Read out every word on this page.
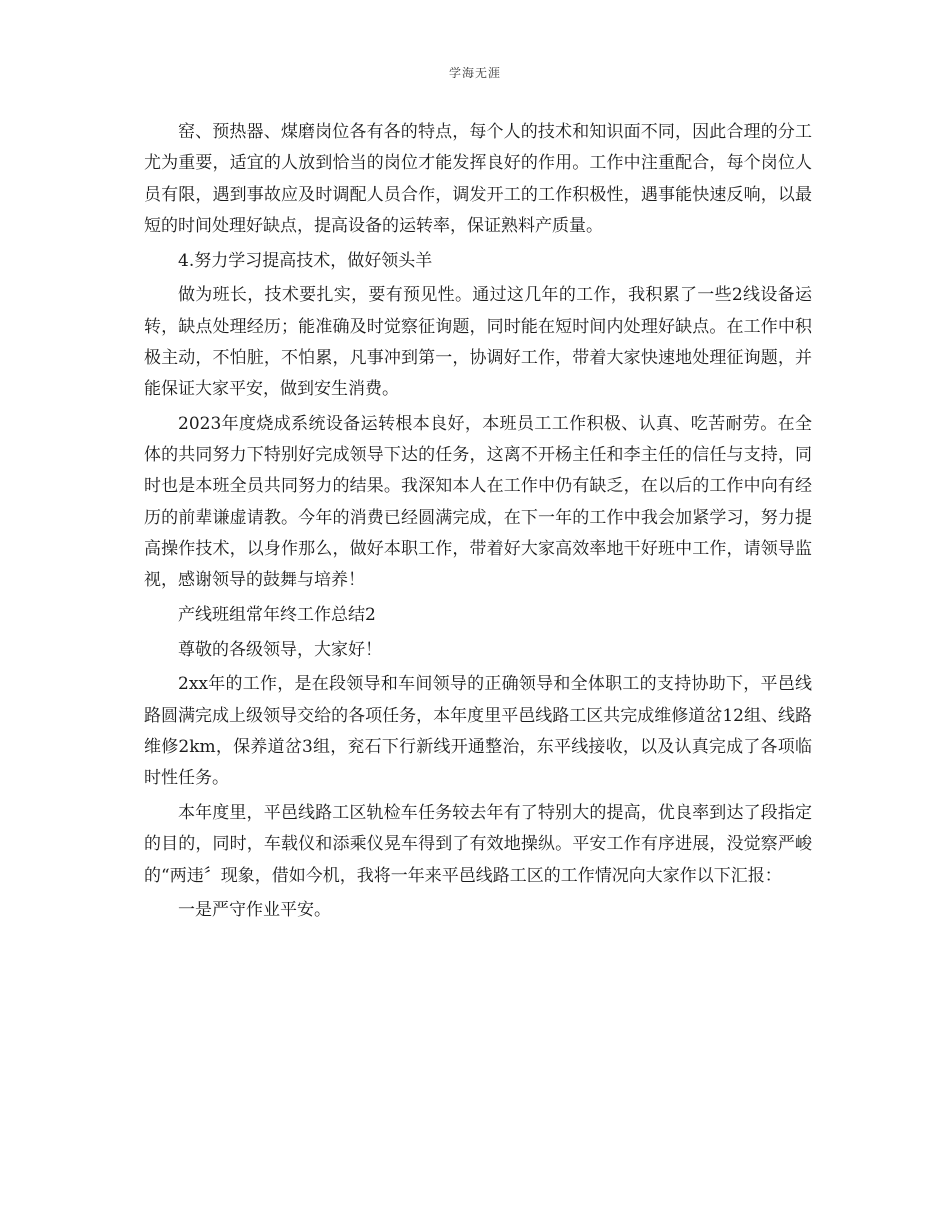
学海无涯

窑、预热器、煤磨岗位各有各的特点，每个人的技术和知识面不同，因此合理的分工尤为重要，适宜的人放到恰当的岗位才能发挥良好的作用。工作中注重配合，每个岗位人员有限，遇到事故应及时调配人员合作，调发开工的工作积极性，遇事能快速反响，以最短的时间处理好缺点，提高设备的运转率，保证熟料产质量。

4.努力学习提高技术，做好领头羊

做为班长，技术要扎实，要有预见性。通过这几年的工作，我积累了一些2线设备运转，缺点处理经历；能准确及时觉察征询题，同时能在短时间内处理好缺点。在工作中积极主动，不怕脏，不怕累，凡事冲到第一，协调好工作，带着大家快速地处理征询题，并能保证大家平安，做到安生消费。

2023年度烧成系统设备运转根本良好，本班员工工作积极、认真、吃苦耐劳。在全体的共同努力下特别好完成领导下达的任务，这离不开杨主任和李主任的信任与支持，同时也是本班全员共同努力的结果。我深知本人在工作中仍有缺乏，在以后的工作中向有经历的前辈谦虚请教。今年的消费已经圆满完成，在下一年的工作中我会加紧学习，努力提高操作技术，以身作那么，做好本职工作，带着好大家高效率地干好班中工作，请领导监视，感谢领导的鼓舞与培养！

产线班组常年终工作总结2

尊敬的各级领导，大家好！

2xx年的工作，是在段领导和车间领导的正确领导和全体职工的支持协助下，平邑线路圆满完成上级领导交给的各项任务，本年度里平邑线路工区共完成维修道岔12组、线路维修2km，保养道岔3组，兖石下行新线开通整治，东平线接收，以及认真完成了各项临时性任务。

本年度里，平邑线路工区轨检车任务较去年有了特别大的提高，优良率到达了段指定的目的，同时，车载仪和添乘仪晃车得到了有效地操纵。平安工作有序进展，没觉察严峻的“两违〞现象，借如今机，我将一年来平邑线路工区的工作情况向大家作以下汇报：

一是严守作业平安。
